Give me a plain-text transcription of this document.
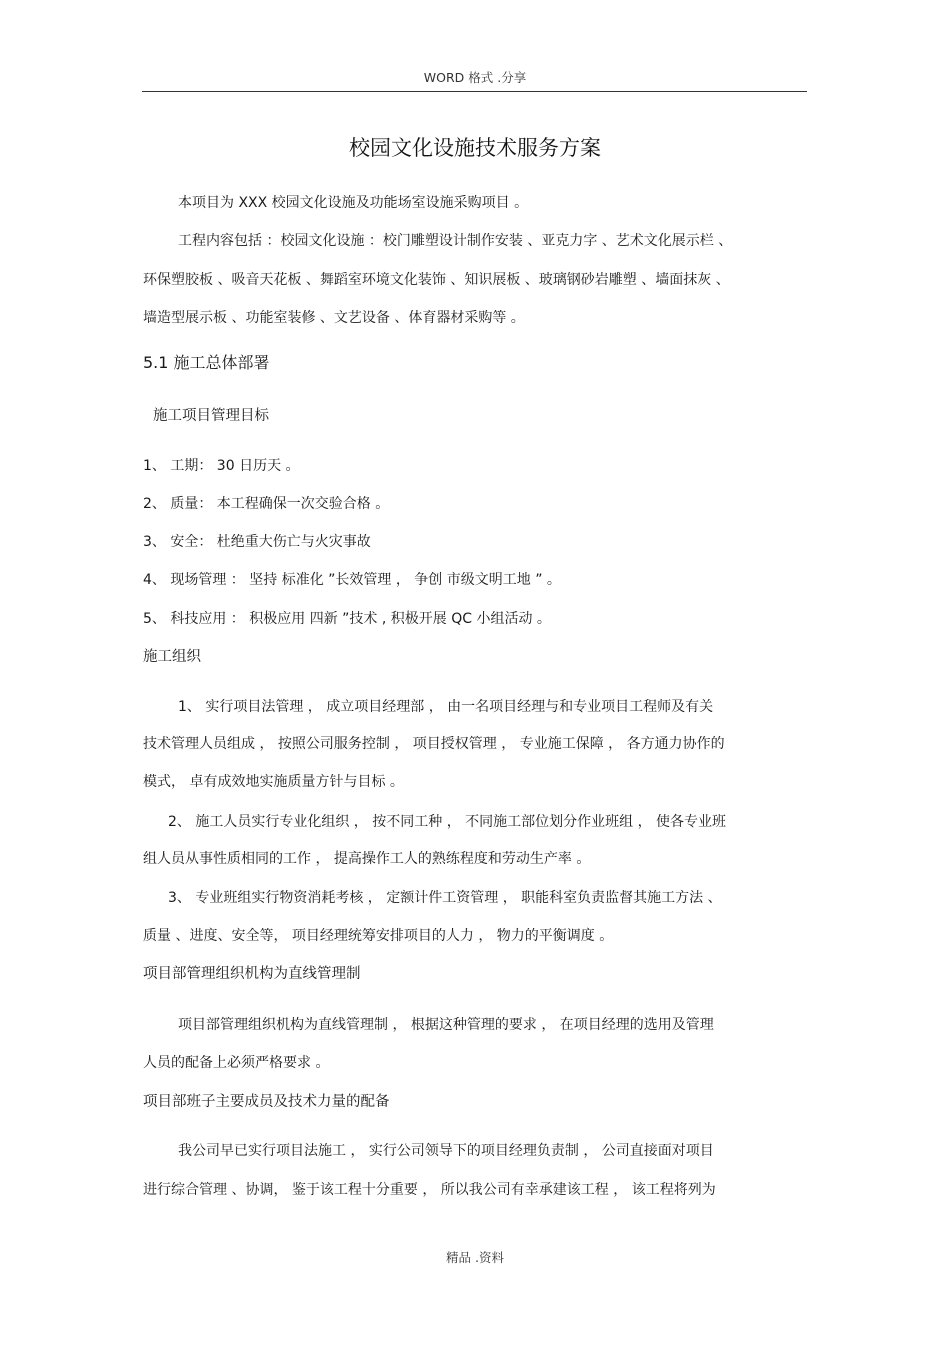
WORD 格式 .分享
校园文化设施技术服务方案
本项目为 XXX 校园文化设施及功能场室设施采购项目 。
工程内容包括 ：校园文化设施 ：校门雕塑设计制作安装 、亚克力字 、艺术文化展示栏 、
环保塑胶板 、吸音天花板 、舞蹈室环境文化装饰 、知识展板 、玻璃钢砂岩雕塑 、墙面抹灰 、
墙造型展示板 、功能室装修 、文艺设备 、体育器材采购等 。
5.1 施工总体部署
施工项目管理目标
1、 工期： 30 日历天 。
2、 质量： 本工程确保一次交验合格 。
3、 安全： 杜绝重大伤亡与火灾事故
4、 现场管理 ： 坚持 标准化 ”长效管理 ， 争创 市级文明工地 ” 。
5、 科技应用 ： 积极应用 四新 ”技术 , 积极开展 QC 小组活动 。
施工组织
1、 实行项目法管理 ， 成立项目经理部 ， 由一名项目经理与和专业项目工程师及有关
技术管理人员组成 ， 按照公司服务控制 ， 项目授权管理 ， 专业施工保障 ， 各方通力协作的
模式， 卓有成效地实施质量方针与目标 。
2、 施工人员实行专业化组织 ， 按不同工种 ， 不同施工部位划分作业班组 ， 使各专业班
组人员从事性质相同的工作 ， 提高操作工人的熟练程度和劳动生产率 。
3、 专业班组实行物资消耗考核 ， 定额计件工资管理 ， 职能科室负责监督其施工方法 、
质量 、进度、安全等， 项目经理统筹安排项目的人力 ， 物力的平衡调度 。
项目部管理组织机构为直线管理制
项目部管理组织机构为直线管理制 ， 根据这种管理的要求 ， 在项目经理的选用及管理
人员的配备上必须严格要求 。
项目部班子主要成员及技术力量的配备
我公司早已实行项目法施工 ， 实行公司领导下的项目经理负责制 ， 公司直接面对项目
进行综合管理 、协调， 鉴于该工程十分重要 ， 所以我公司有幸承建该工程 ， 该工程将列为
精品 .资料
